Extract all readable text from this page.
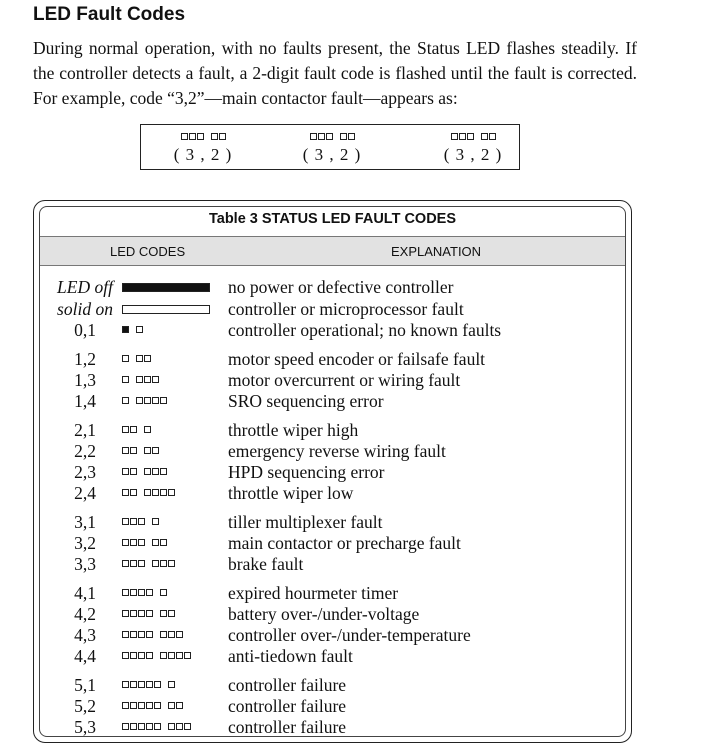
LED Fault Codes

During normal operation, with no faults present, the Status LED flashes steadily. If the controller detects a fault, a 2-digit fault code is flashed until the fault is corrected. For example, code “3,2”—main contactor fault—appears as:

( 3 , 2 )	( 3 , 2 )	( 3 , 2 )
Table 3 STATUS LED FAULT CODES
LED CODES	EXPLANATION
LED off	no power or defective controller
solid on	controller or microprocessor fault
0,1	controller operational; no known faults
1,2	motor speed encoder or failsafe fault
1,3	motor overcurrent or wiring fault
1,4	SRO sequencing error
2,1	throttle wiper high
2,2	emergency reverse wiring fault
2,3	HPD sequencing error
2,4	throttle wiper low
3,1	tiller multiplexer fault
3,2	main contactor or precharge fault
3,3	brake fault
4,1	expired hourmeter timer
4,2	battery over-/under-voltage
4,3	controller over-/under-temperature
4,4	anti-tiedown fault
5,1	controller failure
5,2	controller failure
5,3	controller failure
